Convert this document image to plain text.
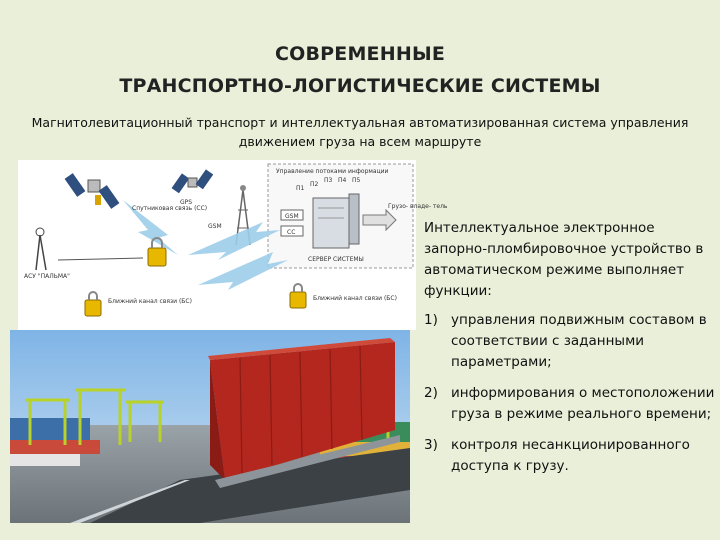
СОВРЕМЕННЫЕ
ТРАНСПОРТНО-ЛОГИСТИЧЕСКИЕ СИСТЕМЫ
Магнитолевитационный транспорт и интеллектуальная автоматизированная система управления движением груза на всем маршруте
Управление потоками информации
П1
П2
П3 П4 П5
GSM
СС
СЕРВЕР СИСТЕМЫ
Грузо- владе- тель
Спутниковая связь (СС)
GPS
GSM
АСУ "ПАЛЬМА"
Ближний канал связи (БС)	Ближний канал связи (БС)

Интеллектуальное электронное запорно-пломбировочное устройство в автоматическом режиме выполняет функции:

1) управления подвижным составом в соответствии с заданными параметрами;
2) информирования о местоположении груза в режиме реального времени;
3) контроля несанкционированного доступа к грузу.
